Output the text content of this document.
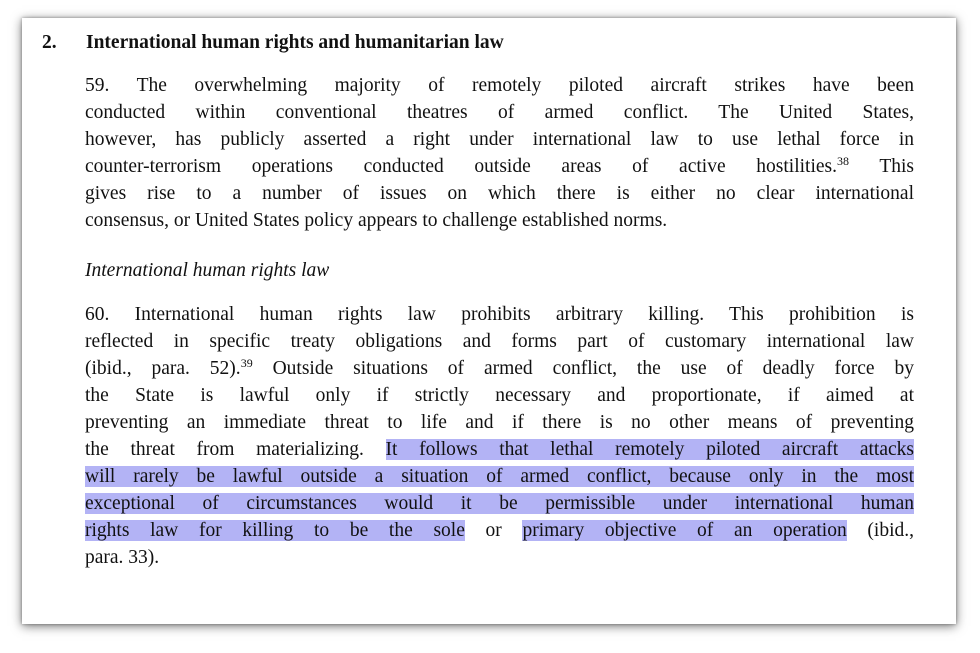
2. International human rights and humanitarian law
59. The overwhelming majority of remotely piloted aircraft strikes have been
conducted within conventional theatres of armed conflict. The United States,
however, has publicly asserted a right under international law to use lethal force in
counter-terrorism operations conducted outside areas of active hostilities.$^{38}$ This
gives rise to a number of issues on which there is either no clear international
consensus, or United States policy appears to challenge established norms.
International human rights law
60. International human rights law prohibits arbitrary killing. This prohibition is
reflected in specific treaty obligations and forms part of customary international law
(ibid., para. 52).$^{39}$ Outside situations of armed conflict, the use of deadly force by
the State is lawful only if strictly necessary and proportionate, if aimed at
preventing an immediate threat to life and if there is no other means of preventing
the threat from materializing. It follows that lethal remotely piloted aircraft attacks
will rarely be lawful outside a situation of armed conflict, because only in the most
exceptional of circumstances would it be permissible under international human
rights law for killing to be the sole or primary objective of an operation (ibid.,
para. 33).
